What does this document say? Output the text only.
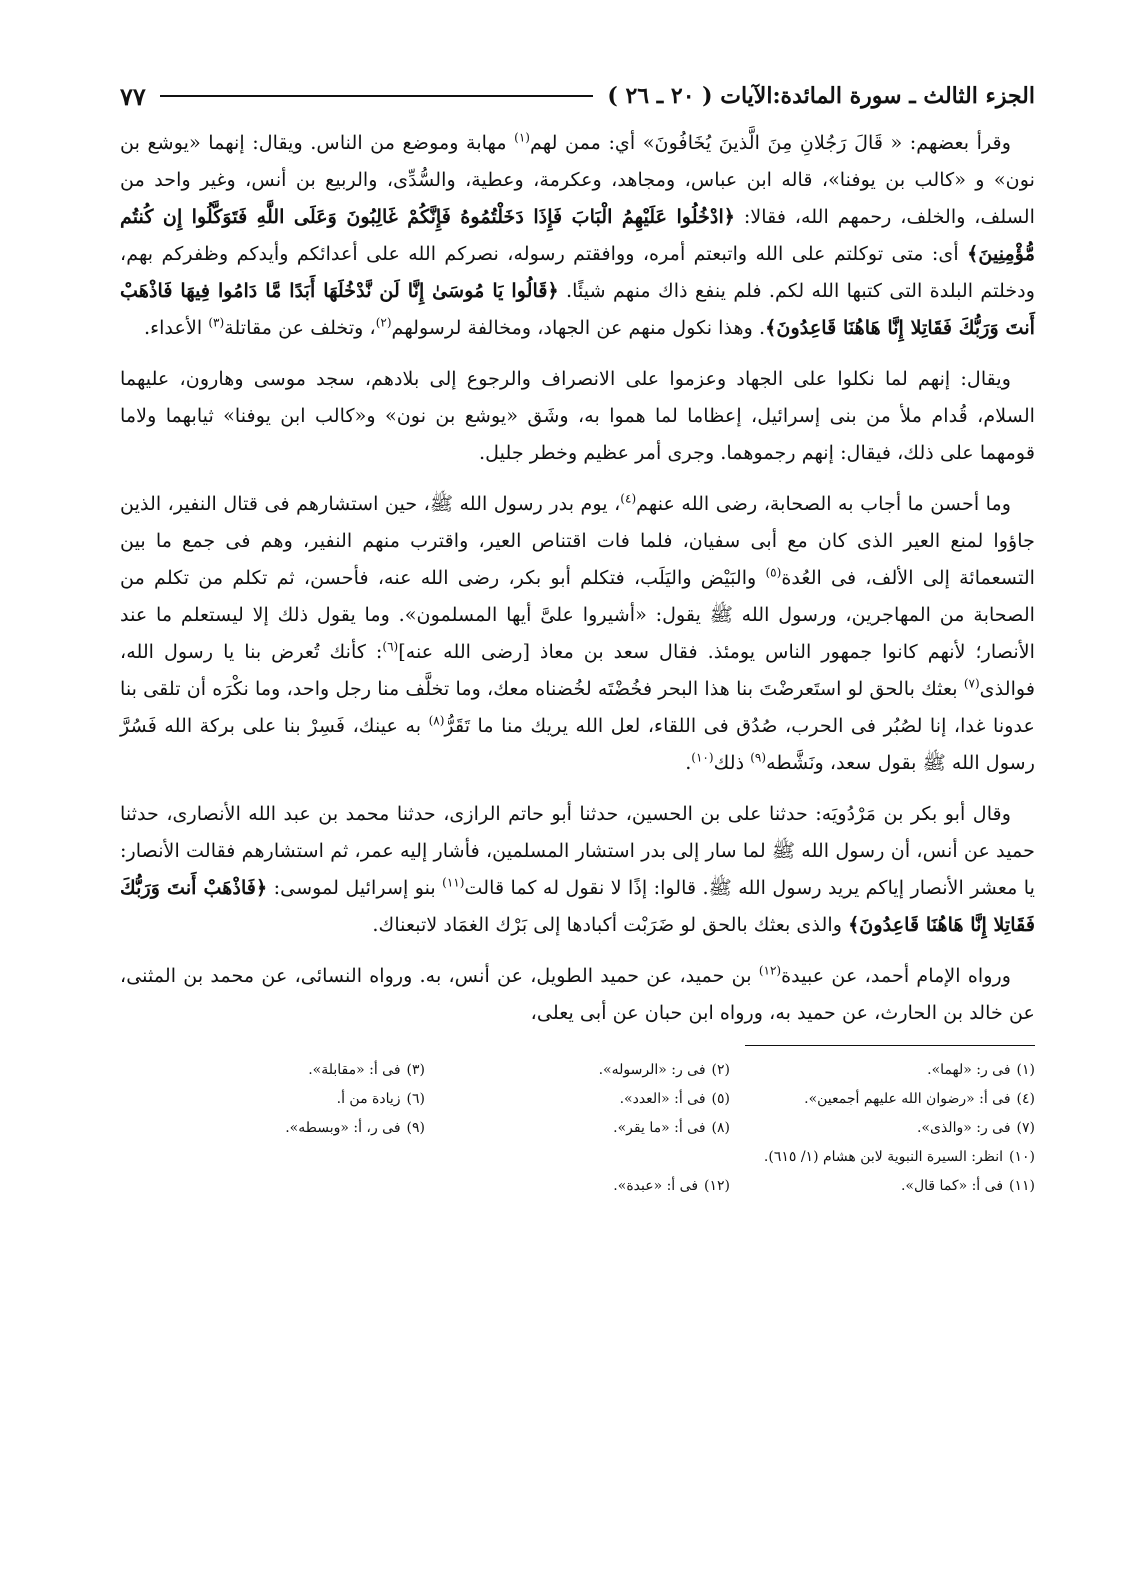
الجزء الثالث ـ سورة المائدة:الآيات ( ٢٠ ـ ٢٦ )
٧٧

وقرأ بعضهم: « قَالَ رَجُلانِ مِنَ الَّذينَ يُخَافُونَ» أي: ممن لهم$^{(١)}$ مهابة وموضع من الناس. ويقال: إنهما «يوشع بن نون» و «كالب بن يوفنا»، قاله ابن عباس، ومجاهد، وعكرمة، وعطية، والسُّدِّى، والربيع بن أنس، وغير واحد من السلف، والخلف، رحمهم الله، فقالا: ﴿ادْخُلُوا عَلَيْهِمُ الْبَابَ فَإِذَا دَخَلْتُمُوهُ فَإِنَّكُمْ غَالِبُونَ وَعَلَى اللَّهِ فَتَوَكَّلُوا إِن كُنتُم مُّؤْمِنِينَ﴾ أى: متى توكلتم على الله واتبعتم أمره، ووافقتم رسوله، نصركم الله على أعدائكم وأيدكم وظفركم بهم، ودخلتم البلدة التى كتبها الله لكم. فلم ينفع ذاك منهم شيئًا. ﴿قَالُوا يَا مُوسَىٰ إِنَّا لَن نَّدْخُلَهَا أَبَدًا مَّا دَامُوا فِيهَا فَاذْهَبْ أَنتَ وَرَبُّكَ فَقَاتِلا إِنَّا هَاهُنَا قَاعِدُونَ﴾. وهذا نكول منهم عن الجهاد، ومخالفة لرسولهم$^{(٢)}$، وتخلف عن مقاتلة$^{(٣)}$ الأعداء.

ويقال: إنهم لما نكلوا على الجهاد وعزموا على الانصراف والرجوع إلى بلادهم، سجد موسى وهارون، عليهما السلام، قُدام ملأ من بنى إسرائيل، إعظاما لما هموا به، وشَق «يوشع بن نون» و«كالب ابن يوفنا» ثيابهما ولاما قومهما على ذلك، فيقال: إنهم رجموهما. وجرى أمر عظيم وخطر جليل.

وما أحسن ما أجاب به الصحابة، رضى الله عنهم$^{(٤)}$، يوم بدر رسول الله ﷺ، حين استشارهم فى قتال النفير، الذين جاؤوا لمنع العير الذى كان مع أبى سفيان، فلما فات اقتناص العير، واقترب منهم النفير، وهم فى جمع ما بين التسعمائة إلى الألف، فى العُدة$^{(٥)}$ والبَيْض واليَلَب، فتكلم أبو بكر، رضى الله عنه، فأحسن، ثم تكلم من تكلم من الصحابة من المهاجرين، ورسول الله ﷺ يقول: «أشيروا علىَّ أيها المسلمون». وما يقول ذلك إلا ليستعلم ما عند الأنصار؛ لأنهم كانوا جمهور الناس يومئذ. فقال سعد بن معاذ [رضى الله عنه]$^{(٦)}$: كأنك تُعرض بنا يا رسول الله، فوالذى$^{(٧)}$ بعثك بالحق لو استَعرضْتَ بنا هذا البحر فخُضْتَه لخُضناه معك، وما تخلَّف منا رجل واحد، وما نكْرَه أن تلقى بنا عدونا غدا، إنا لصُبُر فى الحرب، صُدُق فى اللقاء، لعل الله يريك منا ما تَقَرُّ$^{(٨)}$ به عينك، فَسِرْ بنا على بركة الله فَسُرَّ رسول الله ﷺ بقول سعد، ونَشَّطه$^{(٩)}$ ذلك$^{(١٠)}$.

وقال أبو بكر بن مَرْدُويَه: حدثنا على بن الحسين، حدثنا أبو حاتم الرازى، حدثنا محمد بن عبد الله الأنصارى، حدثنا حميد عن أنس، أن رسول الله ﷺ لما سار إلى بدر استشار المسلمين، فأشار إليه عمر، ثم استشارهم فقالت الأنصار: يا معشر الأنصار إياكم يريد رسول الله ﷺ. قالوا: إذًا لا نقول له كما قالت$^{(١١)}$ بنو إسرائيل لموسى: ﴿فَاذْهَبْ أَنتَ وَرَبُّكَ فَقَاتِلا إِنَّا هَاهُنَا قَاعِدُونَ﴾ والذى بعثك بالحق لو ضَرَبْت أكبادها إلى بَرْك الغمَاد لاتبعناك.

ورواه الإمام أحمد، عن عبيدة$^{(١٢)}$ بن حميد، عن حميد الطويل، عن أنس، به. ورواه النسائى، عن محمد بن المثنى، عن خالد بن الحارث، عن حميد به، ورواه ابن حبان عن أبى يعلى،

(١)فى ر: «لهما».
(٢)فى ر: «الرسوله».
(٣)فى أ: «مقابلة».
(٤)فى أ: «رضوان الله عليهم أجمعين».
(٥)فى أ: «العدد».
(٦)زيادة من أ.
(٧)فى ر: «والذى».
(٨)فى أ: «ما يقر».
(٩)فى ر، أ: «وبسطه».
(١٠)انظر: السيرة النبوية لابن هشام (١/ ٦١٥).
(١١)فى أ: «كما قال».
(١٢)فى أ: «عبدة».
